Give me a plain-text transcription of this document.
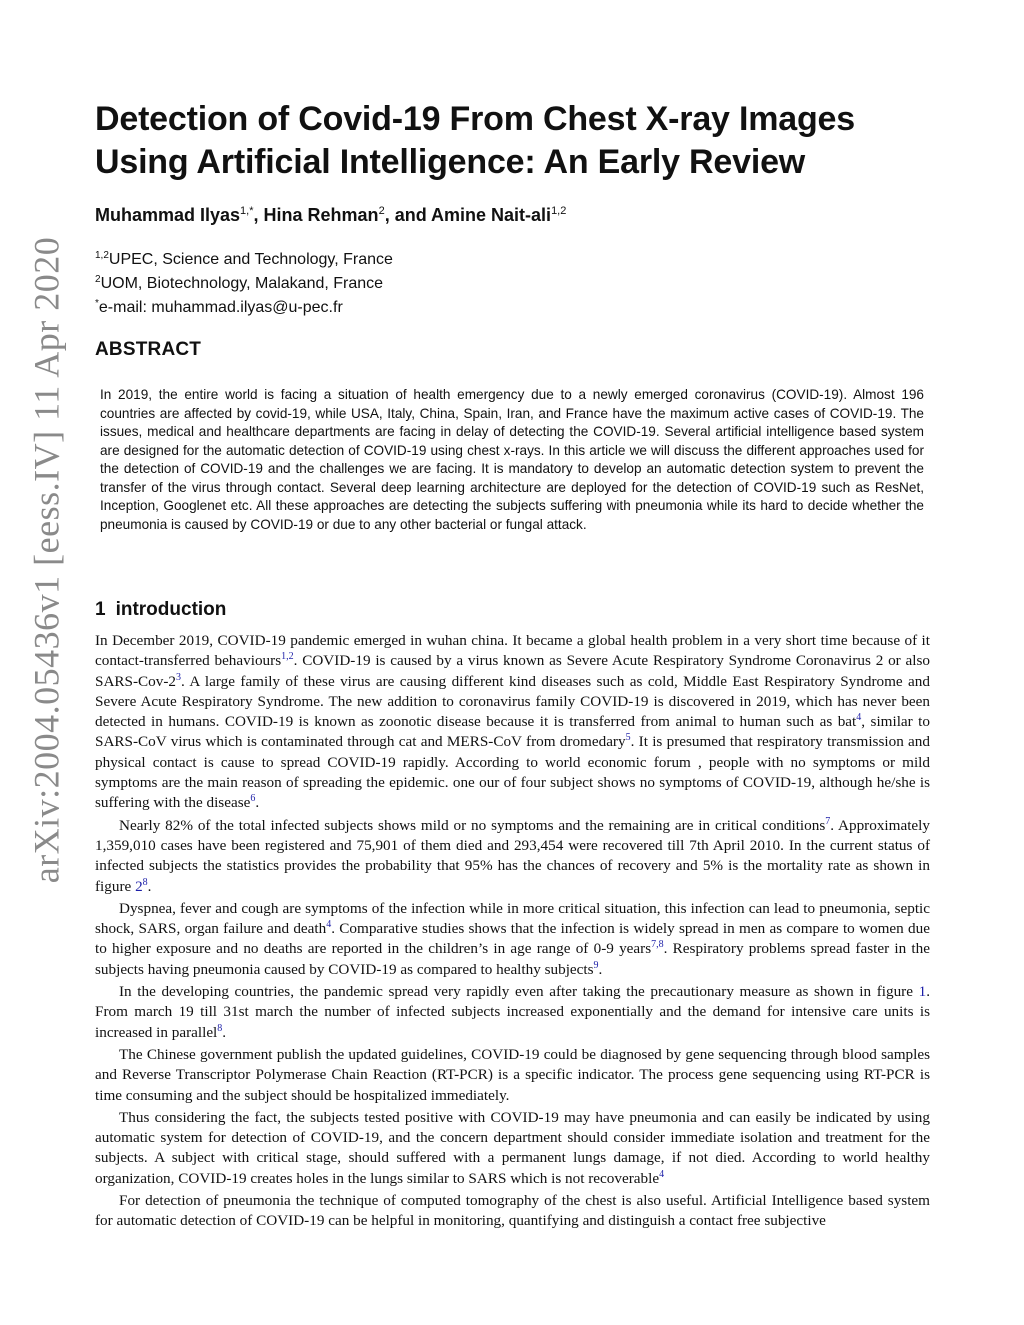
arXiv:2004.05436v1 [eess.IV] 11 Apr 2020
Detection of Covid-19 From Chest X-ray Images
Using Artificial Intelligence: An Early Review
Muhammad Ilyas$^{1,*}$, Hina Rehman$^2$, and Amine Nait-ali$^{1,2}$
$^{1,2}$UPEC, Science and Technology, France
$^2$UOM, Biotechnology, Malakand, France
*e-mail: muhammad.ilyas@u-pec.fr
ABSTRACT
In 2019, the entire world is facing a situation of health emergency due to a newly emerged coronavirus (COVID-19). Almost 196 countries are affected by covid-19, while USA, Italy, China, Spain, Iran, and France have the maximum active cases of COVID-19. The issues, medical and healthcare departments are facing in delay of detecting the COVID-19. Several artificial intelligence based system are designed for the automatic detection of COVID-19 using chest x-rays. In this article we will discuss the different approaches used for the detection of COVID-19 and the challenges we are facing. It is mandatory to develop an automatic detection system to prevent the transfer of the virus through contact. Several deep learning architecture are deployed for the detection of COVID-19 such as ResNet, Inception, Googlenet etc. All these approaches are detecting the subjects suffering with pneumonia while its hard to decide whether the pneumonia is caused by COVID-19 or due to any other bacterial or fungal attack.
1 introduction

In December 2019, COVID-19 pandemic emerged in wuhan china. It became a global health problem in a very short time because of it contact-transferred behaviours$^{1,2}$. COVID-19 is caused by a virus known as Severe Acute Respiratory Syndrome Coronavirus 2 or also SARS-Cov-2$^3$. A large family of these virus are causing different kind diseases such as cold, Middle East Respiratory Syndrome and Severe Acute Respiratory Syndrome. The new addition to coronavirus family COVID-19 is discovered in 2019, which has never been detected in humans. COVID-19 is known as zoonotic disease because it is transferred from animal to human such as bat$^4$, similar to SARS-CoV virus which is contaminated through cat and MERS-CoV from dromedary$^5$. It is presumed that respiratory transmission and physical contact is cause to spread COVID-19 rapidly. According to world economic forum , people with no symptoms or mild symptoms are the main reason of spreading the epidemic. one our of four subject shows no symptoms of COVID-19, although he/she is suffering with the disease$^6$.

Nearly 82% of the total infected subjects shows mild or no symptoms and the remaining are in critical conditions$^7$. Approximately 1,359,010 cases have been registered and 75,901 of them died and 293,454 were recovered till 7th April 2010. In the current status of infected subjects the statistics provides the probability that 95% has the chances of recovery and 5% is the mortality rate as shown in figure 2$^8$.

Dyspnea, fever and cough are symptoms of the infection while in more critical situation, this infection can lead to pneumonia, septic shock, SARS, organ failure and death$^4$. Comparative studies shows that the infection is widely spread in men as compare to women due to higher exposure and no deaths are reported in the children’s in age range of 0-9 years$^{7,8}$. Respiratory problems spread faster in the subjects having pneumonia caused by COVID-19 as compared to healthy subjects$^9$.

In the developing countries, the pandemic spread very rapidly even after taking the precautionary measure as shown in figure 1. From march 19 till 31st march the number of infected subjects increased exponentially and the demand for intensive care units is increased in parallel$^8$.

The Chinese government publish the updated guidelines, COVID-19 could be diagnosed by gene sequencing through blood samples and Reverse Transcriptor Polymerase Chain Reaction (RT-PCR) is a specific indicator. The process gene sequencing using RT-PCR is time consuming and the subject should be hospitalized immediately.

Thus considering the fact, the subjects tested positive with COVID-19 may have pneumonia and can easily be indicated by using automatic system for detection of COVID-19, and the concern department should consider immediate isolation and treatment for the subjects. A subject with critical stage, should suffered with a permanent lungs damage, if not died. According to world healthy organization, COVID-19 creates holes in the lungs similar to SARS which is not recoverable$^4$

For detection of pneumonia the technique of computed tomography of the chest is also useful. Artificial Intelligence based system for automatic detection of COVID-19 can be helpful in monitoring, quantifying and distinguish a contact free subjective
